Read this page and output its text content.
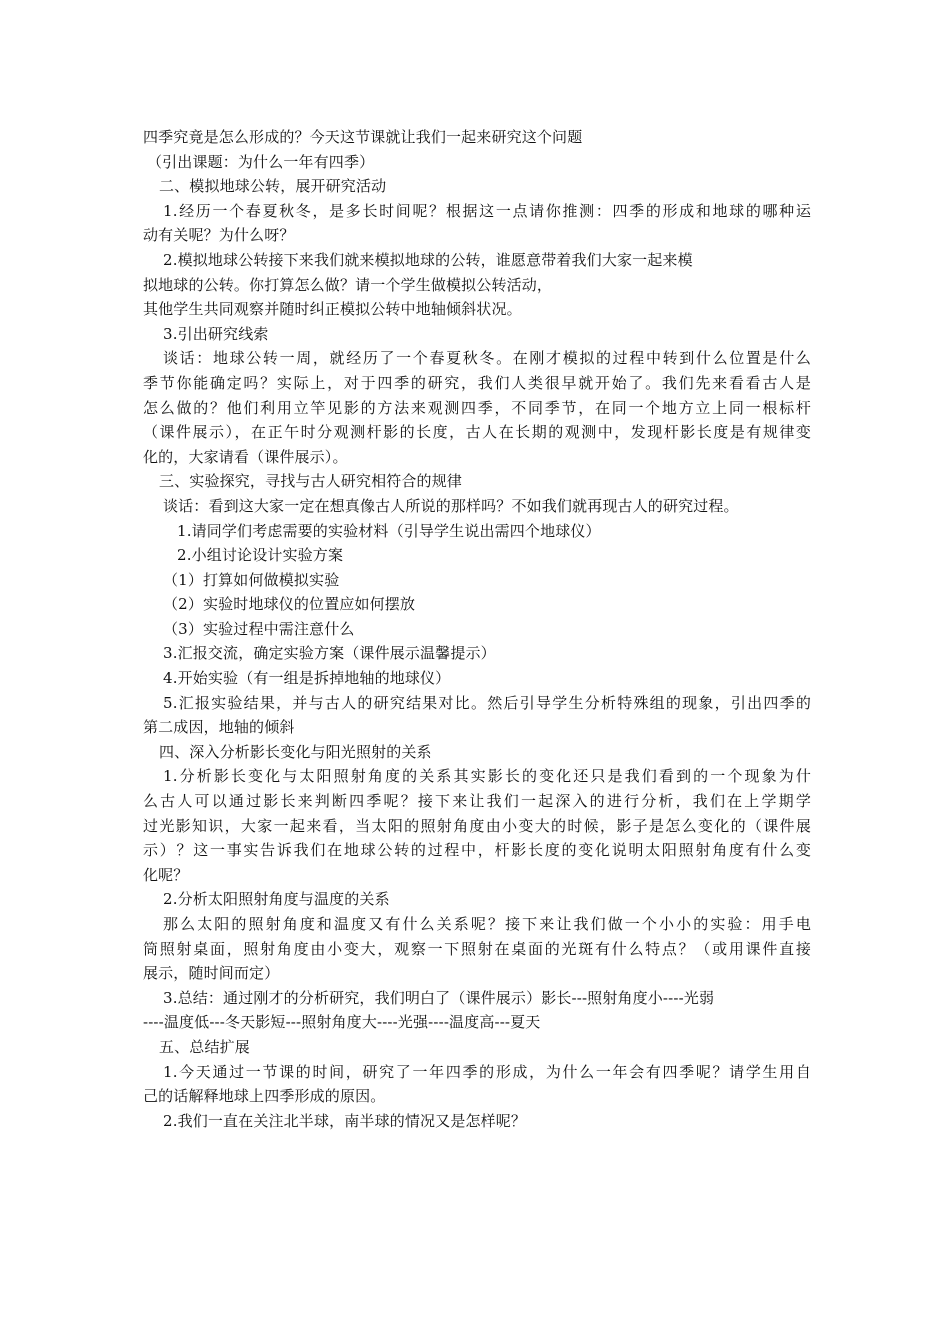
四季究竟是怎么形成的？今天这节课就让我们一起来研究这个问题
（引出课题：为什么一年有四季）
二、模拟地球公转，展开研究活动
1.经历一个春夏秋冬，是多长时间呢？根据这一点请你推测：四季的形成和地球的哪种运
动有关呢？为什么呀？
2.模拟地球公转接下来我们就来模拟地球的公转，谁愿意带着我们大家一起来模
拟地球的公转。你打算怎么做？请一个学生做模拟公转活动，
其他学生共同观察并随时纠正模拟公转中地轴倾斜状况。
3.引出研究线索
谈话：地球公转一周，就经历了一个春夏秋冬。在刚才模拟的过程中转到什么位置是什么
季节你能确定吗？实际上，对于四季的研究，我们人类很早就开始了。我们先来看看古人是
怎么做的？他们利用立竿见影的方法来观测四季，不同季节，在同一个地方立上同一根标杆
（课件展示），在正午时分观测杆影的长度，古人在长期的观测中，发现杆影长度是有规律变
化的，大家请看（课件展示）。
三、实验探究，寻找与古人研究相符合的规律
谈话：看到这大家一定在想真像古人所说的那样吗？不如我们就再现古人的研究过程。
1.请同学们考虑需要的实验材料（引导学生说出需四个地球仪）
2.小组讨论设计实验方案
（1）打算如何做模拟实验
（2）实验时地球仪的位置应如何摆放
（3）实验过程中需注意什么
3.汇报交流，确定实验方案（课件展示温馨提示）
4.开始实验（有一组是拆掉地轴的地球仪）
5.汇报实验结果，并与古人的研究结果对比。然后引导学生分析特殊组的现象，引出四季的
第二成因，地轴的倾斜
四、深入分析影长变化与阳光照射的关系
1.分析影长变化与太阳照射角度的关系其实影长的变化还只是我们看到的一个现象为什
么古人可以通过影长来判断四季呢？接下来让我们一起深入的进行分析，我们在上学期学
过光影知识，大家一起来看，当太阳的照射角度由小变大的时候，影子是怎么变化的（课件展
示）？这一事实告诉我们在地球公转的过程中，杆影长度的变化说明太阳照射角度有什么变
化呢？
2.分析太阳照射角度与温度的关系
那么太阳的照射角度和温度又有什么关系呢？接下来让我们做一个小小的实验：用手电
筒照射桌面，照射角度由小变大，观察一下照射在桌面的光斑有什么特点？（或用课件直接
展示，随时间而定）
3.总结：通过刚才的分析研究，我们明白了（课件展示）影长---照射角度小----光弱
----温度低---冬天影短---照射角度大----光强----温度高---夏天
五、总结扩展
1.今天通过一节课的时间，研究了一年四季的形成，为什么一年会有四季呢？请学生用自
己的话解释地球上四季形成的原因。
2.我们一直在关注北半球，南半球的情况又是怎样呢？
